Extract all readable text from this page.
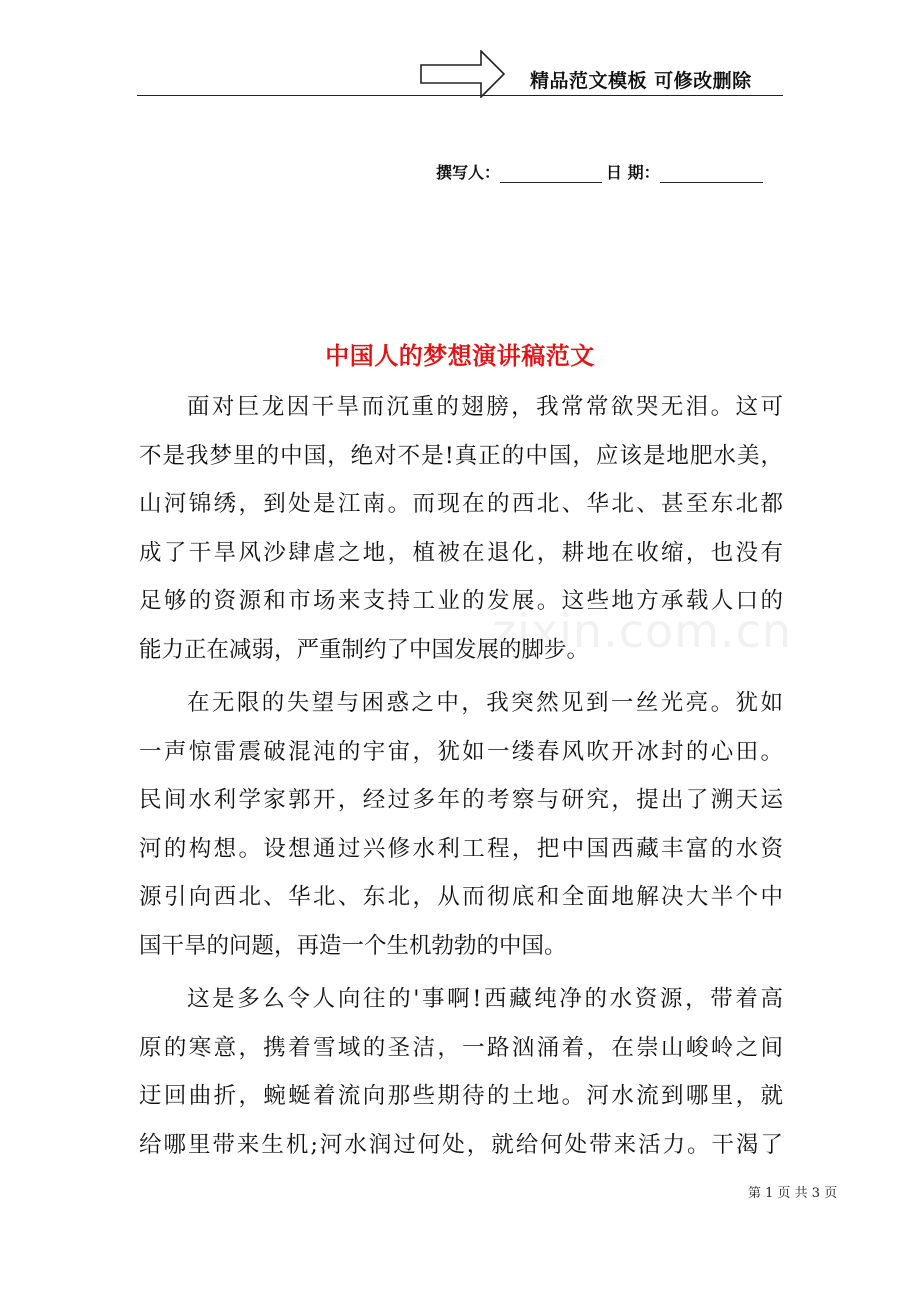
精品范文模板 可修改删除
撰写人：	日 期：
中国人的梦想演讲稿范文
zixin.com.cn
面对巨龙因干旱而沉重的翅膀，我常常欲哭无泪。这可
不是我梦里的中国，绝对不是!真正的中国，应该是地肥水美，
山河锦绣，到处是江南。而现在的西北、华北、甚至东北都
成了干旱风沙肆虐之地，植被在退化，耕地在收缩，也没有
足够的资源和市场来支持工业的发展。这些地方承载人口的
能力正在减弱，严重制约了中国发展的脚步。
在无限的失望与困惑之中，我突然见到一丝光亮。犹如
一声惊雷震破混沌的宇宙，犹如一缕春风吹开冰封的心田。
民间水利学家郭开，经过多年的考察与研究，提出了溯天运
河的构想。设想通过兴修水利工程，把中国西藏丰富的水资
源引向西北、华北、东北，从而彻底和全面地解决大半个中
国干旱的问题，再造一个生机勃勃的中国。
这是多么令人向往的'事啊!西藏纯净的水资源，带着高
原的寒意，携着雪域的圣洁，一路汹涌着，在崇山峻岭之间
迂回曲折，蜿蜒着流向那些期待的土地。河水流到哪里，就
给哪里带来生机;河水润过何处，就给何处带来活力。干渴了
第 1 页 共 3 页
